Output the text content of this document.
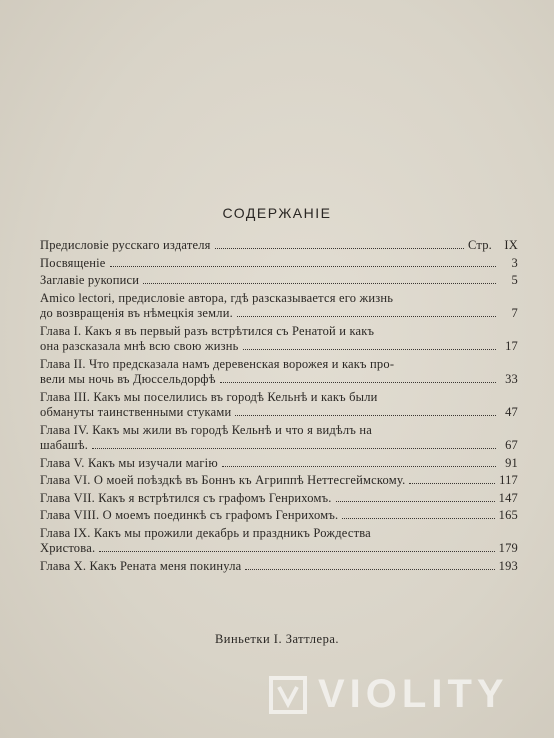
СОДЕРЖАНІЕ
Предисловіе русскаго издателя	Стр. IX
Посвященіе	3
Заглавіе рукописи	5
Amico lectori, предисловіе автора, гдѣ разсказывается его жизнь
до возвращенія въ нѣмецкія земли.	7
Глава I. Какъ я въ первый разъ встрѣтился съ Ренатой и какъ
она разсказала мнѣ всю свою жизнь	17
Глава II. Что предсказала намъ деревенская ворожея и какъ про-
вели мы ночь въ Дюссельдорфѣ	33
Глава III. Какъ мы поселились въ городѣ Кельнѣ и какъ были
обмануты таинственными стуками	47
Глава IV. Какъ мы жили въ городѣ Кельнѣ и что я видѣлъ на
шабашѣ.	67
Глава V. Какъ мы изучали магію	91
Глава VI. О моей поѣздкѣ въ Боннъ къ Агриппѣ Неттесгеймскому.	117
Глава VII. Какъ я встрѣтился съ графомъ Генрихомъ.	147
Глава VIII. О моемъ поединкѣ съ графомъ Генрихомъ.	165
Глава IX. Какъ мы прожили декабрь и праздникъ Рождества
Христова.	179
Глава X. Какъ Рената меня покинула	193
Виньетки I. Заттлера.
VIOLITY
